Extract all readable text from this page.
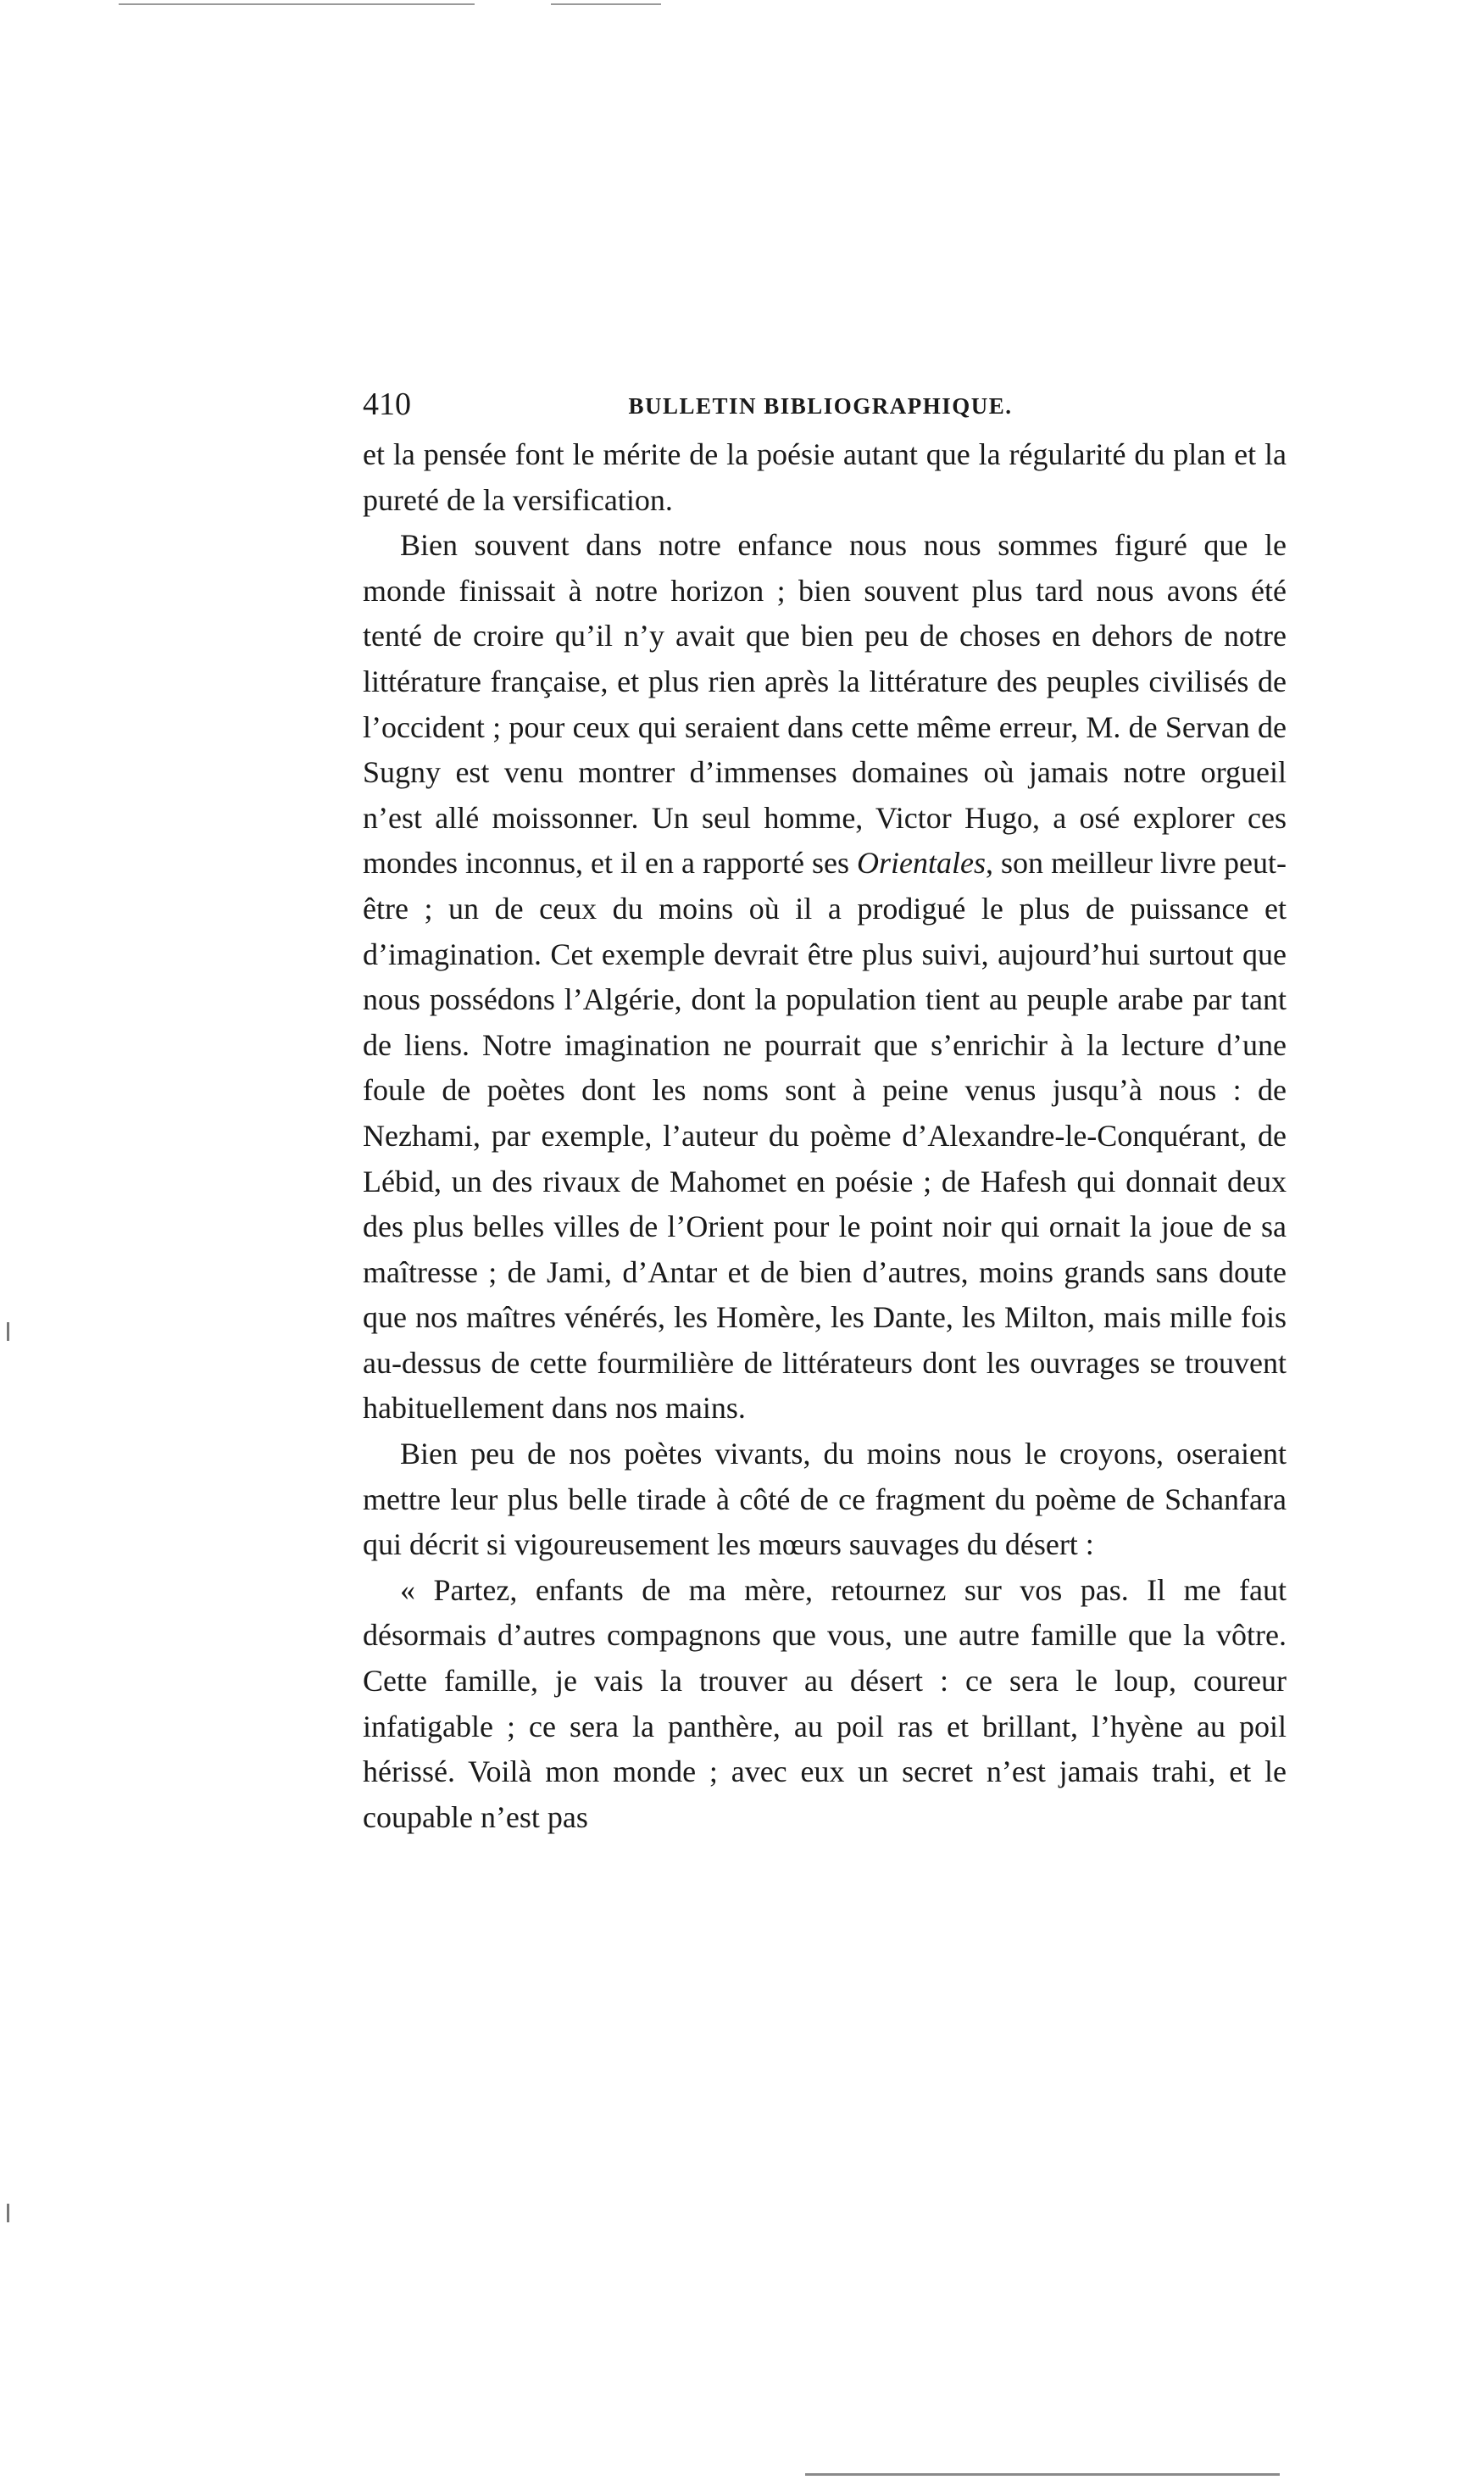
410	BULLETIN BIBLIOGRAPHIQUE.

et la pensée font le mérite de la poésie autant que la régularité du plan et la pureté de la versification.

Bien souvent dans notre enfance nous nous sommes figuré que le monde finissait à notre horizon ; bien souvent plus tard nous avons été tenté de croire qu’il n’y avait que bien peu de choses en dehors de notre littérature française, et plus rien après la littérature des peuples civilisés de l’occident ; pour ceux qui seraient dans cette même erreur, M. de Servan de Sugny est venu montrer d’immenses domaines où jamais notre orgueil n’est allé moissonner. Un seul homme, Victor Hugo, a osé explorer ces mondes inconnus, et il en a rapporté ses Orientales, son meilleur livre peut-être ; un de ceux du moins où il a prodigué le plus de puissance et d’imagination. Cet exemple devrait être plus suivi, aujourd’hui surtout que nous possédons l’Algérie, dont la population tient au peuple arabe par tant de liens. Notre imagination ne pourrait que s’enrichir à la lecture d’une foule de poètes dont les noms sont à peine venus jusqu’à nous : de Nezhami, par exemple, l’auteur du poème d’Alexandre-le-Conquérant, de Lébid, un des rivaux de Mahomet en poésie ; de Hafesh qui donnait deux des plus belles villes de l’Orient pour le point noir qui ornait la joue de sa maîtresse ; de Jami, d’Antar et de bien d’autres, moins grands sans doute que nos maîtres vénérés, les Homère, les Dante, les Milton, mais mille fois au-dessus de cette fourmilière de littérateurs dont les ouvrages se trouvent habituellement dans nos mains.

Bien peu de nos poètes vivants, du moins nous le croyons, oseraient mettre leur plus belle tirade à côté de ce fragment du poème de Schanfara qui décrit si vigoureusement les mœurs sauvages du désert :

« Partez, enfants de ma mère, retournez sur vos pas. Il me faut désormais d’autres compagnons que vous, une autre famille que la vôtre. Cette famille, je vais la trouver au désert : ce sera le loup, coureur infatigable ; ce sera la panthère, au poil ras et brillant, l’hyène au poil hérissé. Voilà mon monde ; avec eux un secret n’est jamais trahi, et le coupable n’est pas
